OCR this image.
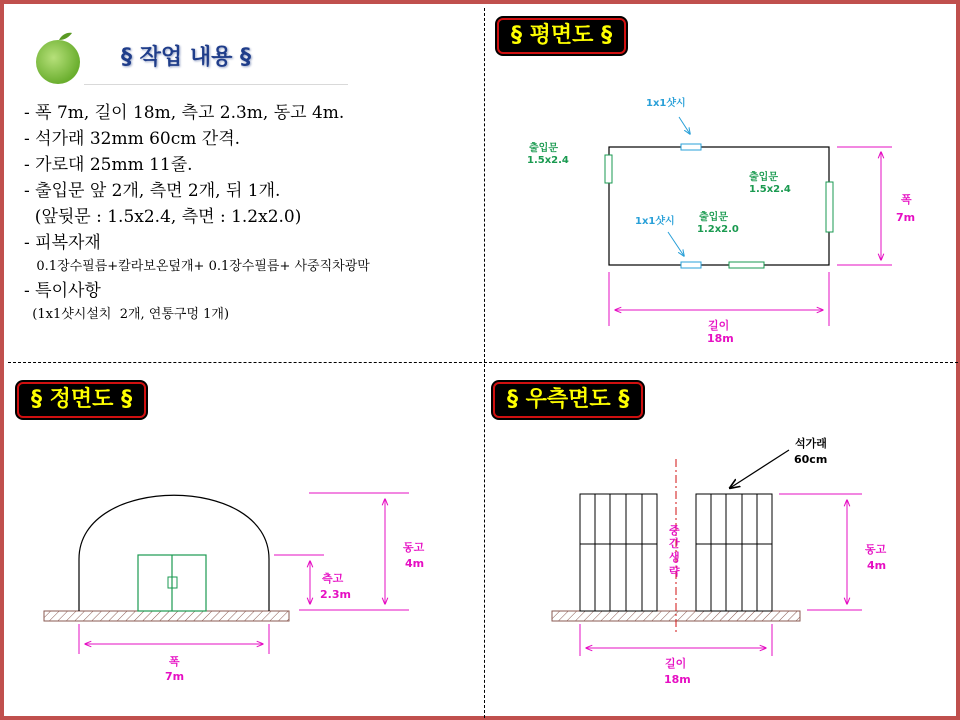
§ 작업 내용 §
- 폭 7m, 길이 18m, 측고 2.3m, 동고 4m.
- 석가래 32mm 60cm 간격.
- 가로대 25mm 11줄.
- 출입문 앞 2개, 측면 2개, 뒤 1개.
(앞뒷문 : 1.5x2.4, 측면 : 1.2x2.0)
- 피복자재
0.1장수필름+칼라보온덮개+ 0.1장수필름+ 사중직차광막
- 특이사항
(1x1샷시설치  2개, 연통구멍 1개)
§ 평면도 §
§ 정면도 §	§ 우측면도 §
1x1샷시
출입문
1.5x2.4
출입문
1.5x2.4
1x1샷시 출입문
1.2x2.0
폭
7m
길이
18m
동고
4m
측고
2.3m
폭
7m
중
간
생
략
석가래
60cm
동고
4m
길이
18m
